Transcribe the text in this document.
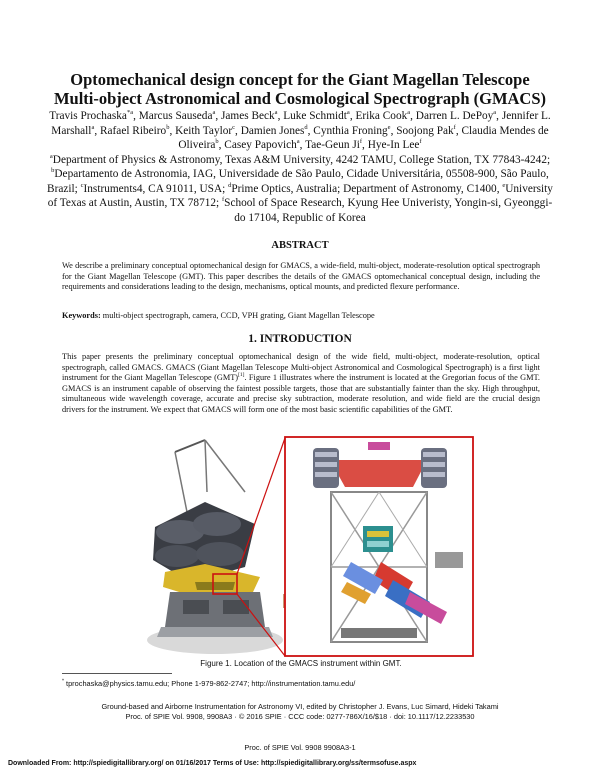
Optomechanical design concept for the Giant Magellan Telescope
Multi-object Astronomical and Cosmological Spectrograph (GMACS)

Travis Prochaska$^{*a}$, Marcus Sauseda$^a$, James Beck$^a$, Luke Schmidt$^a$, Erika Cook$^a$, Darren L. DePoy$^a$, Jennifer L. Marshall$^a$, Rafael Ribeiro$^b$, Keith Taylor$^c$, Damien Jones$^d$, Cynthia Froning$^e$, Soojong Pak$^f$, Claudia Mendes de Oliveira$^b$, Casey Papovich$^a$, Tae-Geun Ji$^f$, Hye-In Lee$^f$
$^a$Department of Physics & Astronomy, Texas A&M University, 4242 TAMU, College Station, TX 77843-4242; $^b$Departamento de Astronomia, IAG, Universidade de São Paulo, Cidade Universitária, 05508-900, São Paulo, Brazil; $^c$Instruments4, CA 91011, USA; $^d$Prime Optics, Australia; Department of Astronomy, C1400, $^e$University of Texas at Austin, Austin, TX 78712; $^f$School of Space Research, Kyung Hee Univeristy, Yongin-si, Gyeonggi-do 17104, Republic of Korea

ABSTRACT

We describe a preliminary conceptual optomechanical design for GMACS, a wide-field, multi-object, moderate-resolution optical spectrograph for the Giant Magellan Telescope (GMT). This paper describes the details of the GMACS optomechanical conceptual design, including the requirements and considerations leading to the design, mechanisms, optical mounts, and predicted flexure performance.

Keywords: multi-object spectrograph, camera, CCD, VPH grating, Giant Magellan Telescope

1. INTRODUCTION

This paper presents the preliminary conceptual optomechanical design of the wide field, multi-object, moderate-resolution, optical spectrograph, called GMACS. GMACS (Giant Magellan Telescope Multi-object Astronomical and Cosmological Spectrograph) is a first light instrument for the Giant Magellan Telescope (GMT)[1]. Figure 1 illustrates where the instrument is located at the Gregorian focus of the GMT. GMACS is an instrument capable of observing the faintest possible targets, those that are substantially fainter than the sky. High throughput, simultaneous wide wavelength coverage, accurate and precise sky subtraction, moderate resolution, and wide field are the crucial design drivers for the instrument. We expect that GMACS will form one of the most basic scientific capabilities of the GMT.

Figure 1. Location of the GMACS instrument within GMT.

* tprochaska@physics.tamu.edu; Phone 1-979-862-2747; http://instrumentation.tamu.edu/

Ground-based and Airborne Instrumentation for Astronomy VI, edited by Christopher J. Evans, Luc Simard, Hideki Takami
Proc. of SPIE Vol. 9908, 9908A3 · © 2016 SPIE · CCC code: 0277-786X/16/$18 · doi: 10.1117/12.2233530

Proc. of SPIE Vol. 9908 9908A3-1

Downloaded From: http://spiedigitallibrary.org/ on 01/16/2017 Terms of Use: http://spiedigitallibrary.org/ss/termsofuse.aspx
